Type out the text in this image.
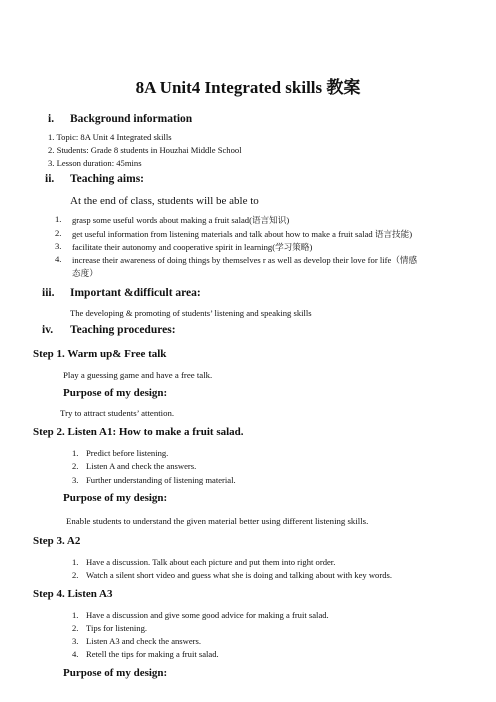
8A Unit4 Integrated skills 教案
i. Background information
1. Topic: 8A Unit 4 Integrated skills
2. Students: Grade 8 students in Houzhai Middle School
3. Lesson duration: 45mins
ii. Teaching aims:
At the end of class, students will be able to
1. grasp some useful words about making a fruit salad(语言知识)
2. get useful information from listening materials and talk about how to make a fruit salad 语言技能)
3. facilitate their autonomy and cooperative spirit in learning(学习策略)
4. increase their awareness of doing things by themselves r as well as develop their love for life（情感
态度）
iii. Important &difficult area:
The developing & promoting of students’ listening and speaking skills
iv. Teaching procedures:
Step 1. Warm up& Free talk
Play a guessing game and have a free talk.
Purpose of my design:
Try to attract students’ attention.
Step 2. Listen A1: How to make a fruit salad.
1. Predict before listening.
2. Listen A and check the answers.
3. Further understanding of listening material.
Purpose of my design:
Enable students to understand the given material better using different listening skills.
Step 3. A2
1. Have a discussion. Talk about each picture and put them into right order.
2. Watch a silent short video and guess what she is doing and talking about with key words.
Step 4. Listen A3
1. Have a discussion and give some good advice for making a fruit salad.
2. Tips for listening.
3. Listen A3 and check the answers.
4. Retell the tips for making a fruit salad.
Purpose of my design:
